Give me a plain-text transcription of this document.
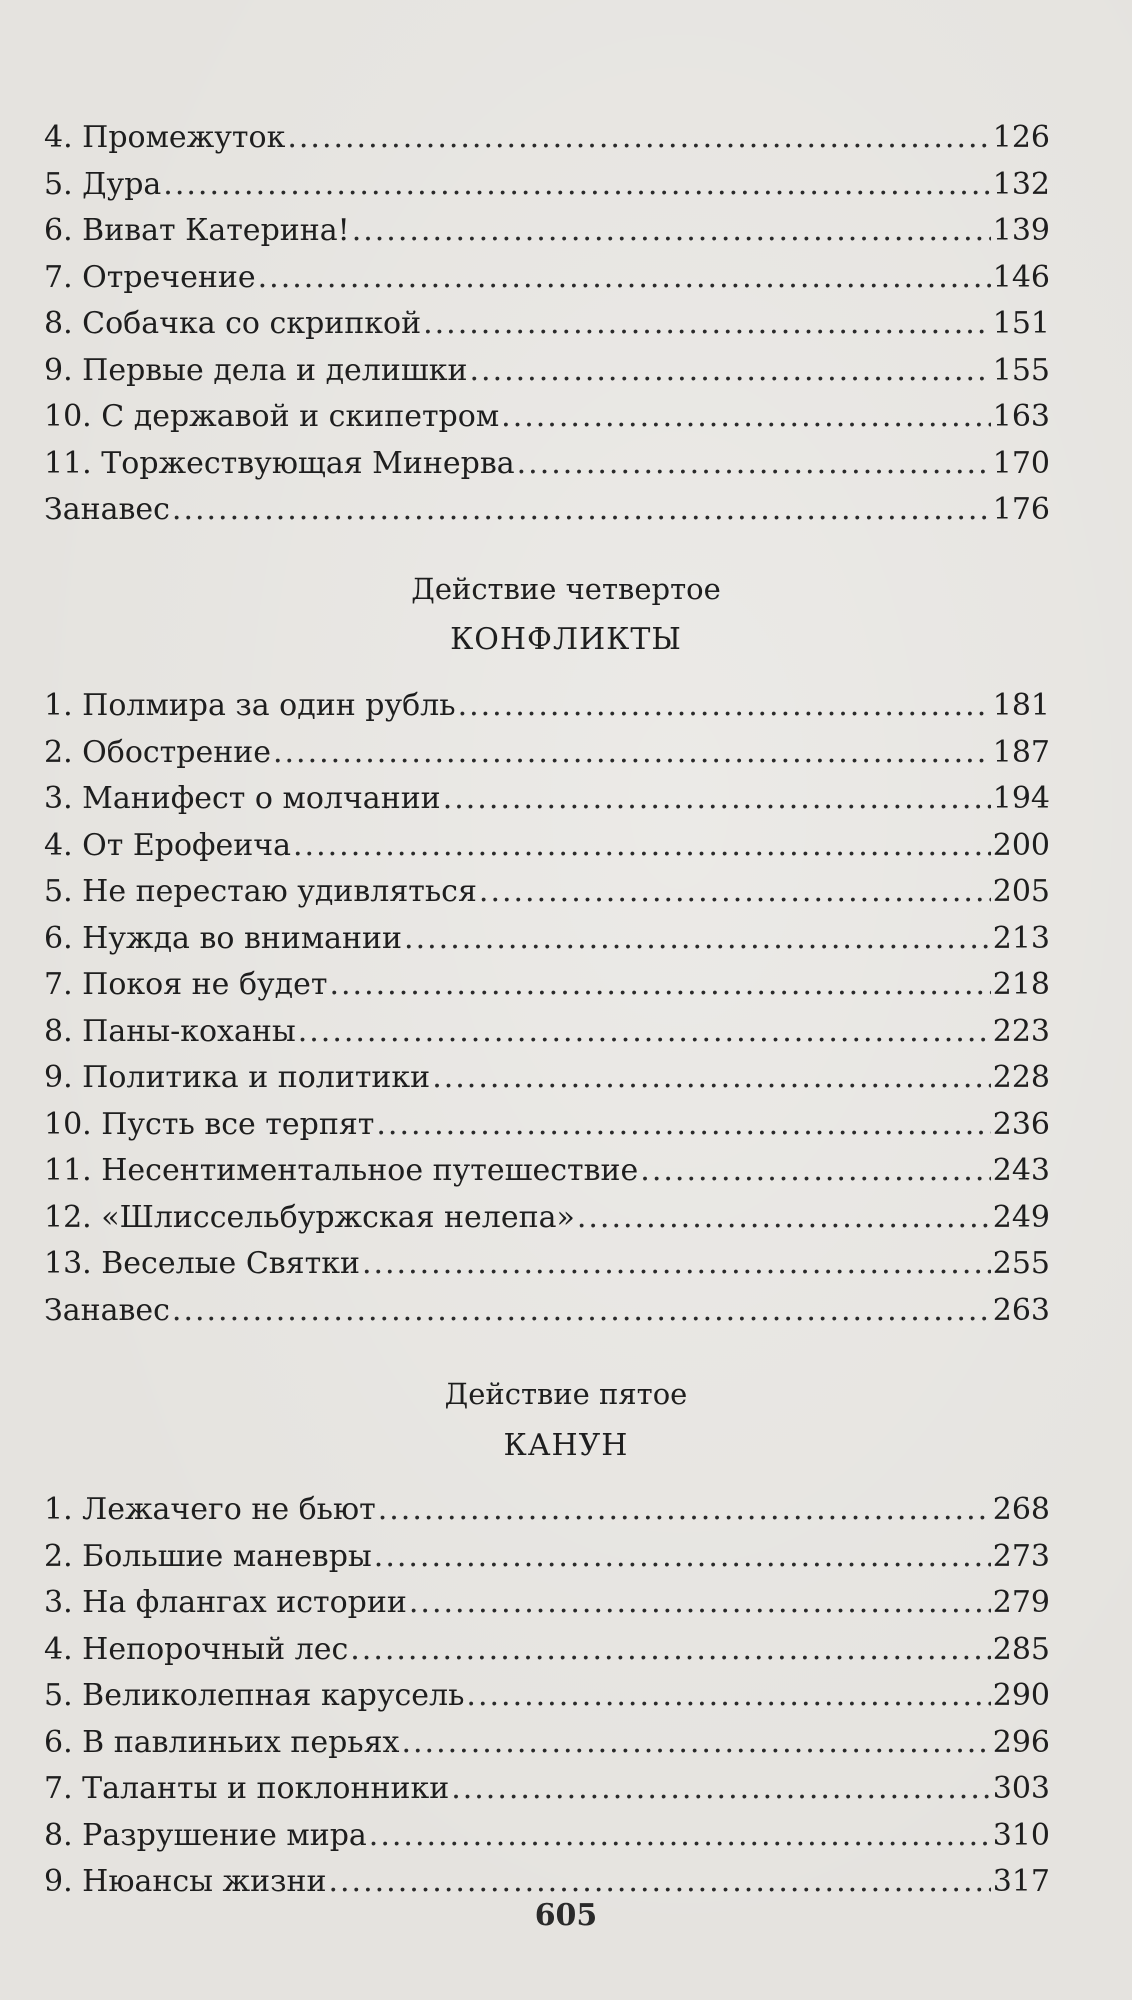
4. Промежуток .....	126
5. Дура .....	132
6. Виват Катерина! .....	139
7. Отречение .....	146
8. Собачка со скрипкой .....	151
9. Первые дела и делишки .....	155
10. С державой и скипетром .....	163
11. Торжествующая Минерва .....	170
Занавес .....	176
Действие четвертое
КОНФЛИКТЫ
1. Полмира за один рубль .....	181
2. Обострение .....	187
3. Манифест о молчании .....	194
4. От Ерофеича .....	200
5. Не перестаю удивляться .....	205
6. Нужда во внимании .....	213
7. Покоя не будет .....	218
8. Паны-коханы .....	223
9. Политика и политики .....	228
10. Пусть все терпят .....	236
11. Несентиментальное путешествие .....	243
12. «Шлиссельбуржская нелепа» .....	249
13. Веселые Святки .....	255
Занавес .....	263
Действие пятое
КАНУН
1. Лежачего не бьют .....	268
2. Большие маневры .....	273
3. На флангах истории .....	279
4. Непорочный лес .....	285
5. Великолепная карусель .....	290
6. В павлиньих перьях .....	296
7. Таланты и поклонники .....	303
8. Разрушение мира .....	310
9. Нюансы жизни .....	317
605
